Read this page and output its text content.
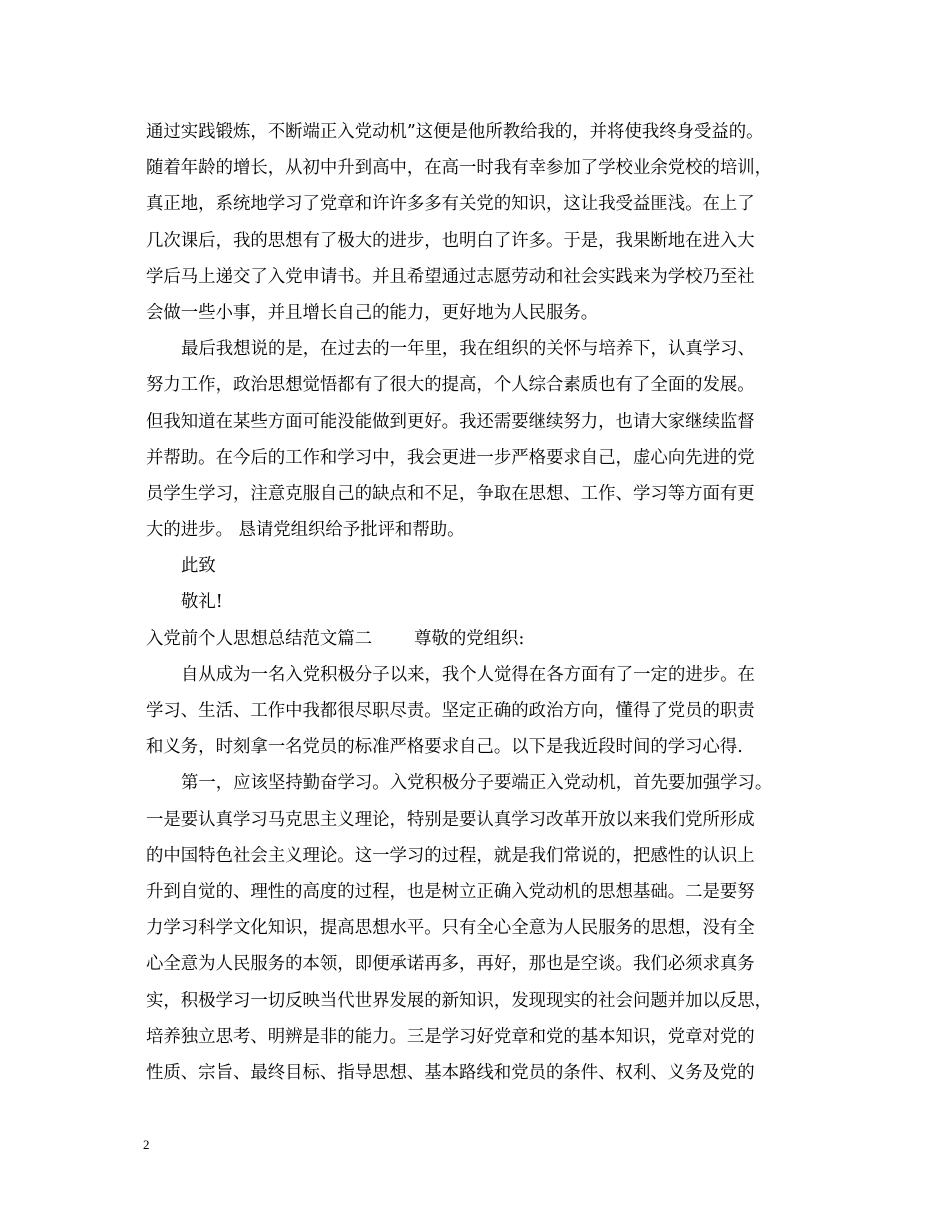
通过实践锻炼，不断端正入党动机”这便是他所教给我的，并将使我终身受益的。
随着年龄的增长，从初中升到高中，在高一时我有幸参加了学校业余党校的培训，
真正地，系统地学习了党章和许许多多有关党的知识，这让我受益匪浅。在上了
几次课后，我的思想有了极大的进步，也明白了许多。于是，我果断地在进入大
学后马上递交了入党申请书。并且希望通过志愿劳动和社会实践来为学校乃至社
会做一些小事，并且增长自己的能力，更好地为人民服务。
最后我想说的是，在过去的一年里，我在组织的关怀与培养下，认真学习、
努力工作，政治思想觉悟都有了很大的提高，个人综合素质也有了全面的发展。
但我知道在某些方面可能没能做到更好。我还需要继续努力，也请大家继续监督
并帮助。在今后的工作和学习中，我会更进一步严格要求自己，虚心向先进的党
员学生学习，注意克服自己的缺点和不足，争取在思想、工作、学习等方面有更
大的进步。 恳请党组织给予批评和帮助。
此致
敬礼!
入党前个人思想总结范文篇二 尊敬的党组织:
自从成为一名入党积极分子以来，我个人觉得在各方面有了一定的进步。在
学习、生活、工作中我都很尽职尽责。坚定正确的政治方向，懂得了党员的职责
和义务，时刻拿一名党员的标准严格要求自己。以下是我近段时间的学习心得.
第一，应该坚持勤奋学习。入党积极分子要端正入党动机，首先要加强学习。
一是要认真学习马克思主义理论，特别是要认真学习改革开放以来我们党所形成
的中国特色社会主义理论。这一学习的过程，就是我们常说的，把感性的认识上
升到自觉的、理性的高度的过程，也是树立正确入党动机的思想基础。二是要努
力学习科学文化知识，提高思想水平。只有全心全意为人民服务的思想，没有全
心全意为人民服务的本领，即便承诺再多，再好，那也是空谈。我们必须求真务
实，积极学习一切反映当代世界发展的新知识，发现现实的社会问题并加以反思，
培养独立思考、明辨是非的能力。三是学习好党章和党的基本知识，党章对党的
性质、宗旨、最终目标、指导思想、基本路线和党员的条件、权利、义务及党的
2
